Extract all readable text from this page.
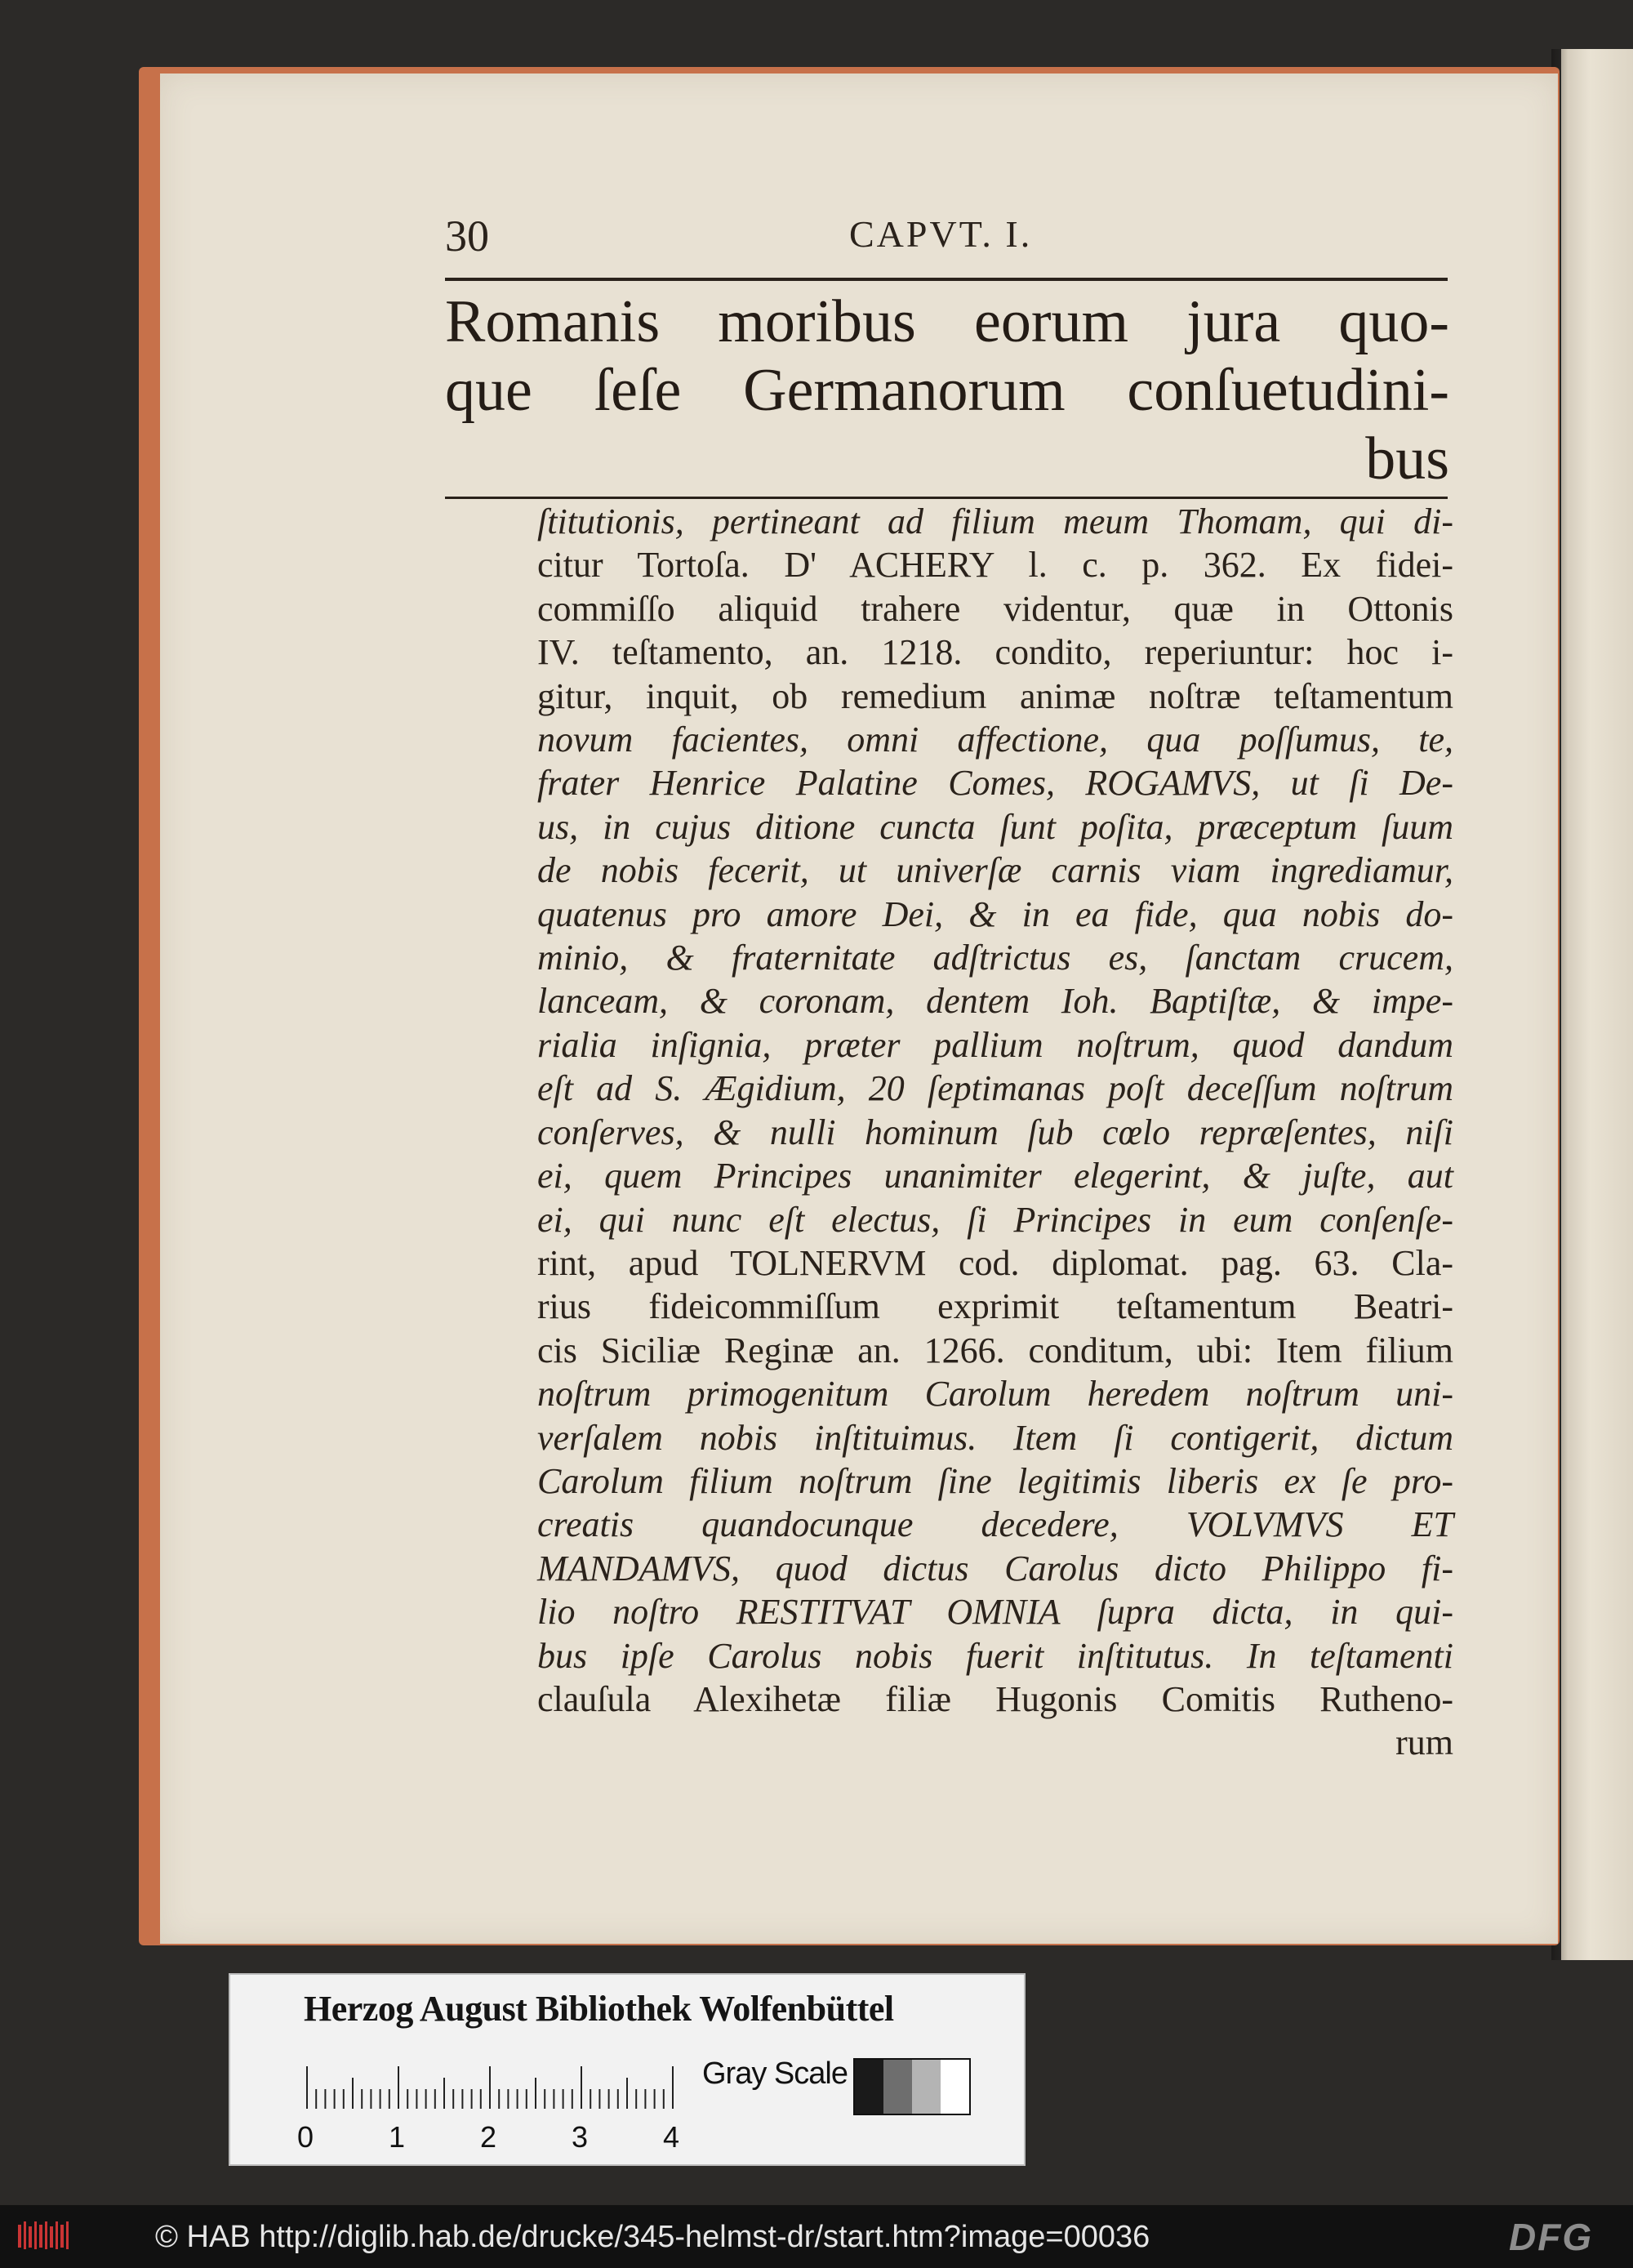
30	CAPVT. I.
Romanis moribus eorum jura quo-
que ſeſe Germanorum conſuetudini-
bus
ſtitutionis, pertineant ad filium meum Thomam, qui di-
citur Tortoſa. D' ACHERY l. c. p. 362. Ex fidei-
commiſſo aliquid trahere videntur, quæ in Ottonis
IV. teſtamento, an. 1218. condito, reperiuntur: hoc i-
gitur, inquit, ob remedium animæ noſtræ teſtamentum
novum facientes, omni affectione, qua poſſumus, te,
frater Henrice Palatine Comes, ROGAMVS, ut ſi De-
us, in cujus ditione cuncta ſunt poſita, præceptum ſuum
de nobis fecerit, ut univerſæ carnis viam ingrediamur,
quatenus pro amore Dei, & in ea fide, qua nobis do-
minio, & fraternitate adſtrictus es, ſanctam crucem,
lanceam, & coronam, dentem Ioh. Baptiſtæ, & impe-
rialia inſignia, præter pallium noſtrum, quod dandum
eſt ad S. Ægidium, 20 ſeptimanas poſt deceſſum noſtrum
conſerves, & nulli hominum ſub cœlo repræſentes, niſi
ei, quem Principes unanimiter elegerint, & juſte, aut
ei, qui nunc eſt electus, ſi Principes in eum conſenſe-
rint, apud TOLNERVM cod. diplomat. pag. 63. Cla-
rius fideicommiſſum exprimit teſtamentum Beatri-
cis Siciliæ Reginæ an. 1266. conditum, ubi: Item filium
noſtrum primogenitum Carolum heredem noſtrum uni-
verſalem nobis inſtituimus. Item ſi contigerit, dictum
Carolum filium noſtrum ſine legitimis liberis ex ſe pro-
creatis quandocunque decedere, VOLVMVS ET
MANDAMVS, quod dictus Carolus dicto Philippo fi-
lio noſtro RESTITVAT OMNIA ſupra dicta, in qui-
bus ipſe Carolus nobis fuerit inſtitutus. In teſtamenti
clauſula Alexihetæ filiæ Hugonis Comitis Rutheno-
rum
Herzog August Bibliothek Wolfenbüttel
0	1	2	3	4
Gray Scale
© HAB http://diglib.hab.de/drucke/345-helmst-dr/start.htm?image=00036	DFG
